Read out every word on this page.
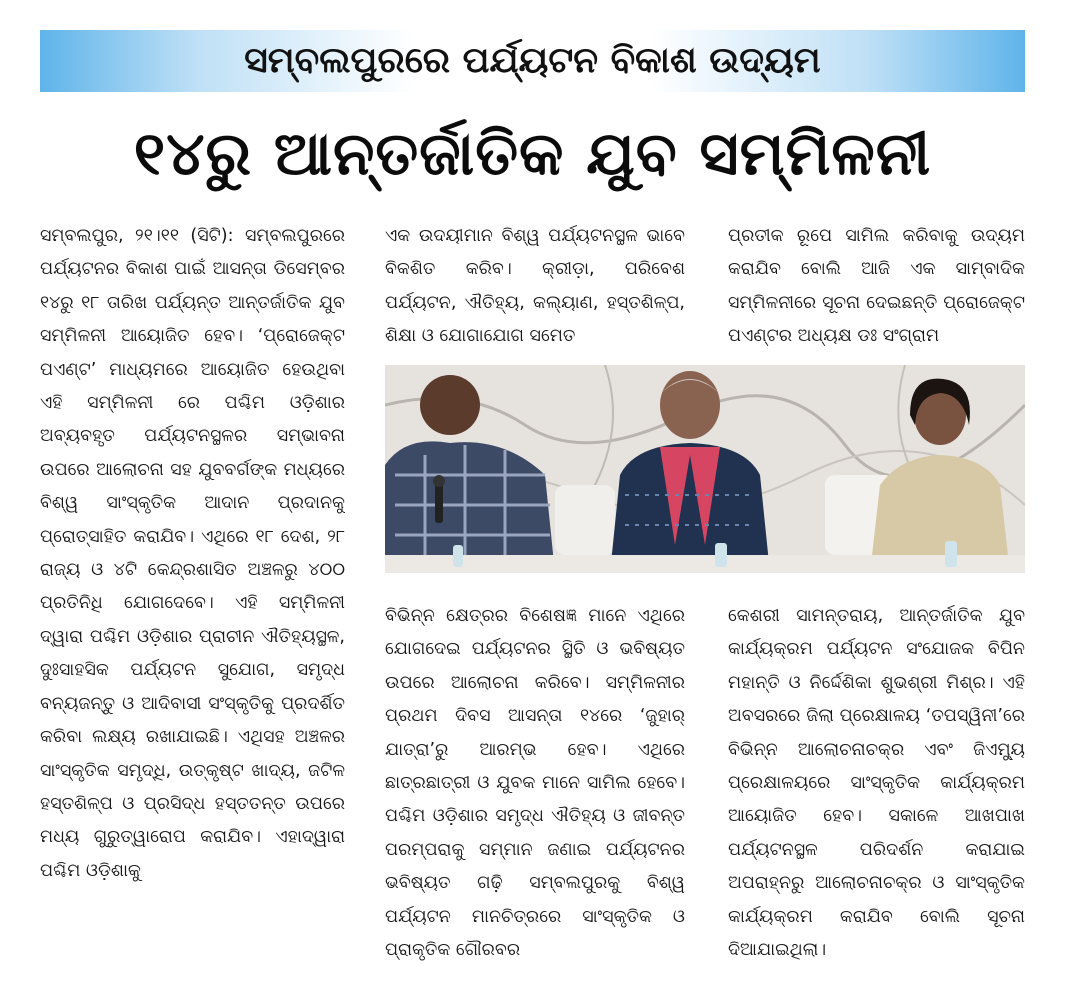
ସମ୍ବଲପୁରରେ ପର୍ଯ୍ୟଟନ ବିକାଶ ଉଦ୍ୟମ
୧୪ରୁ ଆନ୍ତର୍ଜାତିକ ଯୁବ ସମ୍ମିଳନୀ

ସମ୍ବଲପୁର, ୨୧।୧୧ (ସିଟି): ସମ୍ବଲପୁରରେ ପର୍ଯ୍ୟଟନର ବିକାଶ ପାଇଁ ଆସନ୍ତା ଡିସେମ୍ବର ୧୪ରୁ ୧୮ ତାରିଖ ପର୍ଯ୍ୟନ୍ତ ଆନ୍ତର୍ଜାତିକ ଯୁବ ସମ୍ମିଳନୀ ଆୟୋଜିତ ହେବ। ‘ପ୍ରୋଜେକ୍ଟ ପଏଣ୍ଟ’ ମାଧ୍ୟମରେ ଆୟୋଜିତ ହେଉଥିବା ଏହି ସମ୍ମିଳନୀ ରେ ପଶ୍ଚିମ ଓଡ଼ିଶାର ଅବ୍ୟବହୃତ ପର୍ଯ୍ୟଟନସ୍ଥଳର ସମ୍ଭାବନା ଉପରେ ଆଲୋଚନା ସହ ଯୁବବର୍ଗଙ୍କ ମଧ୍ୟରେ ବିଶ୍ୱ ସାଂସ୍କୃତିକ ଆଦାନ ପ୍ରଦାନକୁ ପ୍ରୋତ୍ସାହିତ କରାଯିବ। ଏଥିରେ ୧୮ ଦେଶ, ୨୮ ରାଜ୍ୟ ଓ ୪ଟି କେନ୍ଦ୍ରଶାସିତ ଅଞ୍ଚଳରୁ ୪୦୦ ପ୍ରତିନିଧି ଯୋଗଦେବେ। ଏହି ସମ୍ମିଳନୀ ଦ୍ୱାରା ପଶ୍ଚିମ ଓଡ଼ିଶାର ପ୍ରାଚୀନ ଐତିହ୍ୟସ୍ଥଳ, ଦୁଃସାହସିକ ପର୍ଯ୍ୟଟନ ସୁଯୋଗ, ସମୃଦ୍ଧ ବନ୍ୟଜନ୍ତୁ ଓ ଆଦିବାସୀ ସଂସ୍କୃତିକୁ ପ୍ରଦର୍ଶିତ କରିବା ଲକ୍ଷ୍ୟ ରଖାଯାଇଛି। ଏଥିସହ ଅଞ୍ଚଳର ସାଂସ୍କୃତିକ ସମୃଦ୍ଧି, ଉତ୍କୃଷ୍ଟ ଖାଦ୍ୟ, ଜଟିଳ ହସ୍ତଶିଳ୍ପ ଓ ପ୍ରସିଦ୍ଧ ହସ୍ତତନ୍ତ ଉପରେ ମଧ୍ୟ ଗୁରୁତ୍ୱାରୋପ କରାଯିବ। ଏହାଦ୍ୱାରା ପଶ୍ଚିମ ଓଡ଼ିଶାକୁ

ଏକ ଉଦୟୀମାନ ବିଶ୍ୱ ପର୍ଯ୍ୟଟନସ୍ଥଳ ଭାବେ ବିକଶିତ କରିବ। କ୍ରୀଡ଼ା, ପରିବେଶ ପର୍ଯ୍ୟଟନ, ଐତିହ୍ୟ, କଲ୍ୟାଣ, ହସ୍ତଶିଳ୍ପ, ଶିକ୍ଷା ଓ ଯୋଗାଯୋଗ ସମେତ

ପ୍ରତୀକ ରୂପେ ସାମିଲ କରିବାକୁ ଉଦ୍ୟମ କରାଯିବ ବୋଲି ଆଜି ଏକ ସାମ୍ବାଦିକ ସମ୍ମିଳନୀରେ ସୂଚନା ଦେଇଛନ୍ତି ପ୍ରୋଜେକ୍ଟ ପଏଣ୍ଟର ଅଧ୍ୟକ୍ଷ ଡଃ ସଂଗ୍ରାମ

ବିଭିନ୍ନ କ୍ଷେତ୍ରର ବିଶେଷଜ୍ଞ ମାନେ ଏଥିରେ ଯୋଗଦେଇ ପର୍ଯ୍ୟଟନର ସ୍ଥିତି ଓ ଭବିଷ୍ୟତ ଉପରେ ଆଲୋଚନା କରିବେ। ସମ୍ମିଳନୀର ପ୍ରଥମ ଦିବସ ଆସନ୍ତା ୧୪ରେ ‘ଜୁହାର୍ ଯାତ୍ରା’ରୁ ଆରମ୍ଭ ହେବ। ଏଥିରେ ଛାତ୍ରଛାତ୍ରୀ ଓ ଯୁବକ ମାନେ ସାମିଲ ହେବେ। ପଶ୍ଚିମ ଓଡ଼ିଶାର ସମୃଦ୍ଧ ଐତିହ୍ୟ ଓ ଜୀବନ୍ତ ପରମ୍ପରାକୁ ସମ୍ମାନ ଜଣାଇ ପର୍ଯ୍ୟଟନର ଭବିଷ୍ୟତ ଗଢ଼ି ସମ୍ବଲପୁରକୁ ବିଶ୍ୱ ପର୍ଯ୍ୟଟନ ମାନଚିତ୍ରରେ ସାଂସ୍କୃତିକ ଓ ପ୍ରାକୃତିକ ଗୌରବର

କେଶରୀ ସାମନ୍ତରାୟ, ଆନ୍ତର୍ଜାତିକ ଯୁବ କାର୍ଯ୍ୟକ୍ରମ ପର୍ଯ୍ୟଟନ ସଂଯୋଜକ ବିପିନ ମହାନ୍ତି ଓ ନିର୍ଦ୍ଦେଶିକା ଶୁଭଶ୍ରୀ ମିଶ୍ର। ଏହି ଅବସରରେ ଜିଲା ପ୍ରେକ୍ଷାଳୟ ‘ତପସ୍ୱିନୀ’ରେ ବିଭିନ୍ନ ଆଲୋଚନାଚକ୍ର ଏବଂ ଜିଏମ୍ୟୁ ପ୍ରେକ୍ଷାଳୟରେ ସାଂସ୍କୃତିକ କାର୍ଯ୍ୟକ୍ରମ ଆୟୋଜିତ ହେବ। ସକାଳେ ଆଖପାଖ ପର୍ଯ୍ୟଟନସ୍ଥଳ ପରିଦର୍ଶନ କରାଯାଇ ଅପରାହ୍ନରୁ ଆଲୋଚନାଚକ୍ର ଓ ସାଂସ୍କୃତିକ କାର୍ଯ୍ୟକ୍ରମ କରାଯିବ ବୋଲି ସୂଚନା ଦିଆଯାଇଥିଲା।
